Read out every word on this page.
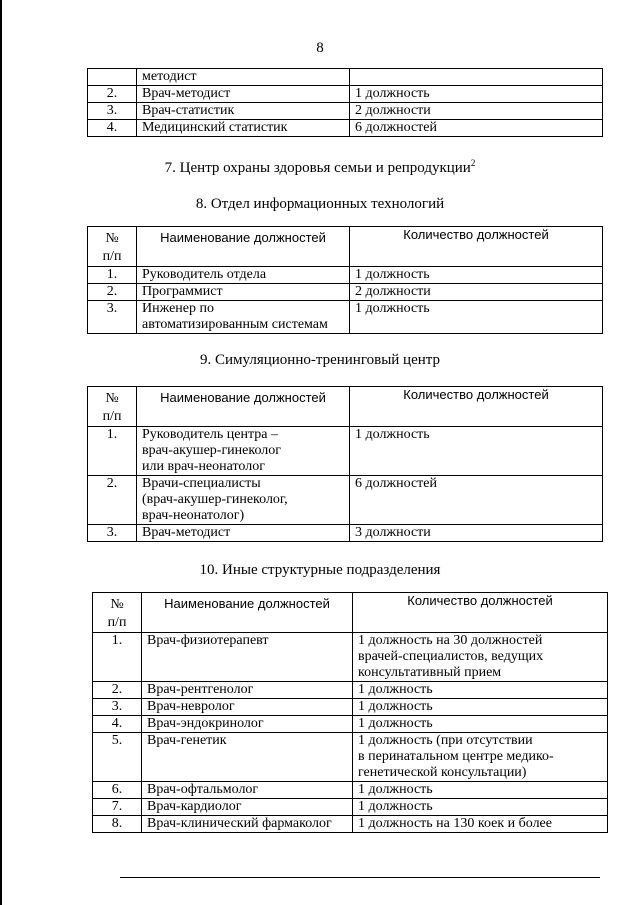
8

	методист	

2.	Врач-методист	1 должность

3.	Врач-статистик	2 должности

4.	Медицинский статистик	6 должностей
7. Центр охраны здоровья семьи и репродукции$^2$
8. Отдел информационных технологий
№
п/п	Наименование должностей	Количество должностей
1.	Руководитель отдела	1 должность

2.	Программист	2 должности

3.	Инженер по
автоматизированным системам	1 должность
9. Симуляционно-тренинговый центр
№
п/п	Наименование должностей	Количество должностей
1.	Руководитель центра –
врач-акушер-гинеколог
или врач-неонатолог	1 должность

2.	Врачи-специалисты
(врач-акушер-гинеколог,
врач-неонатолог)	6 должностей

3.	Врач-методист	3 должности
10. Иные структурные подразделения
№
п/п	Наименование должностей	Количество должностей
1.	Врач-физиотерапевт	1 должность на 30 должностей
врачей-специалистов, ведущих
консультативный прием

2.	Врач-рентгенолог	1 должность

3.	Врач-невролог	1 должность

4.	Врач-эндокринолог	1 должность

5.	Врач-генетик	1 должность (при отсутствии
в перинатальном центре медико-
генетической консультации)

6.	Врач-офтальмолог	1 должность

7.	Врач-кардиолог	1 должность

8.	Врач-клинический фармаколог	1 должность на 130 коек и более
